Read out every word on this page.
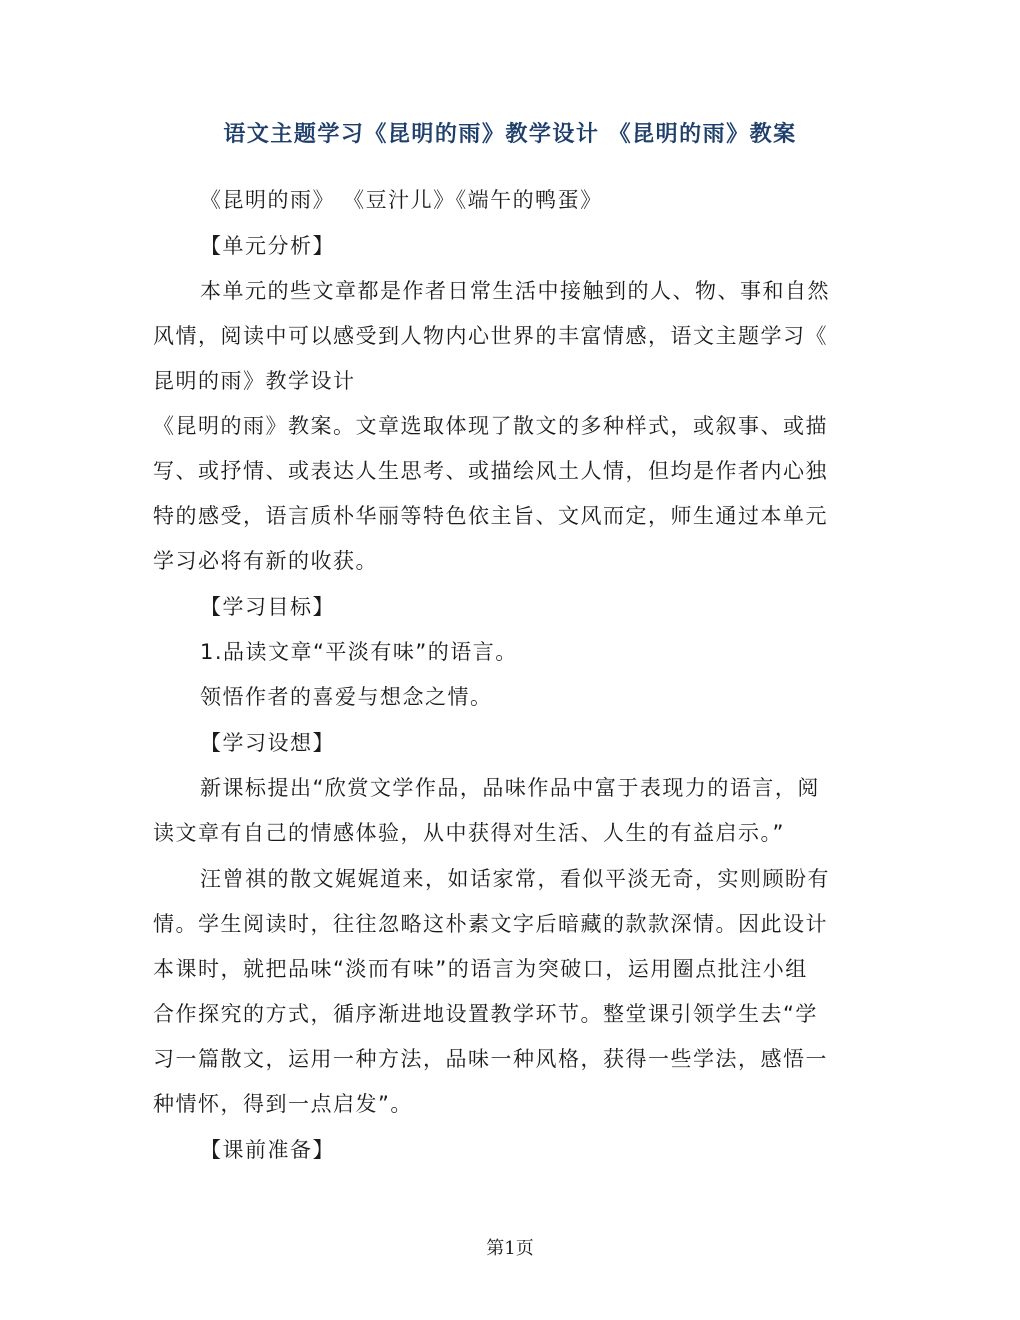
语文主题学习《昆明的雨》教学设计 《昆明的雨》教案
《昆明的雨》 《豆汁儿》《端午的鸭蛋》
【单元分析】
本单元的些文章都是作者日常生活中接触到的人、物、事和自然
风情，阅读中可以感受到人物内心世界的丰富情感，语文主题学习《
昆明的雨》教学设计
《昆明的雨》教案。文章选取体现了散文的多种样式，或叙事、或描
写、或抒情、或表达人生思考、或描绘风土人情，但均是作者内心独
特的感受，语言质朴华丽等特色依主旨、文风而定，师生通过本单元
学习必将有新的收获。
【学习目标】
1.品读文章“平淡有味”的语言。
领悟作者的喜爱与想念之情。
【学习设想】
新课标提出“欣赏文学作品，品味作品中富于表现力的语言，阅
读文章有自己的情感体验，从中获得对生活、人生的有益启示。”
汪曾祺的散文娓娓道来，如话家常，看似平淡无奇，实则顾盼有
情。学生阅读时，往往忽略这朴素文字后暗藏的款款深情。因此设计
本课时，就把品味“淡而有味”的语言为突破口，运用圈点批注小组
合作探究的方式，循序渐进地设置教学环节。整堂课引领学生去“学
习一篇散文，运用一种方法，品味一种风格，获得一些学法，感悟一
种情怀，得到一点启发”。
【课前准备】
第1页
